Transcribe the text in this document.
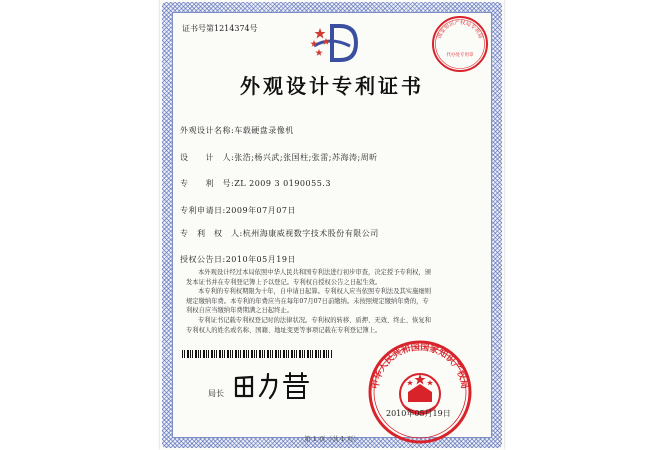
证书号第1214374号
国家知识产权局专利局
代办处专用章
外观设计专利证书
外观设计名称:车载硬盘录像机
设　　计　人:张浩;杨兴武;张国柱;张雷;苏海涛;周昕
专　　利　号:ZL 2009 3 0190055.3
专利申请日:2009年07月07日
专　利　权　人:杭州海康威视数字技术股份有限公司
授权公告日:2010年05月19日
本外观设计经过本局依照中华人民共和国专利法进行初步审查，决定授予专利权，颁
发本证书并在专利登记簿上予以登记。专利权自授权公告之日起生效。
本专利的专利权期限为十年，自申请日起算。专利权人应当依照专利法及其实施细则
规定缴纳年费。本专利的年费应当在每年07月07日前缴纳。未按照规定缴纳年费的，专
利权自应当缴纳年费期满之日起终止。
专利证书记载专利权登记时的法律状况。专利权的转移、质押、无效、终止、恢复和
专利权人的姓名或名称、国籍、地址变更等事项记载在专利登记簿上。
局长
中华人民共和国国家知识产权局
2010年05月19日
第 1 页（共 1 页）
